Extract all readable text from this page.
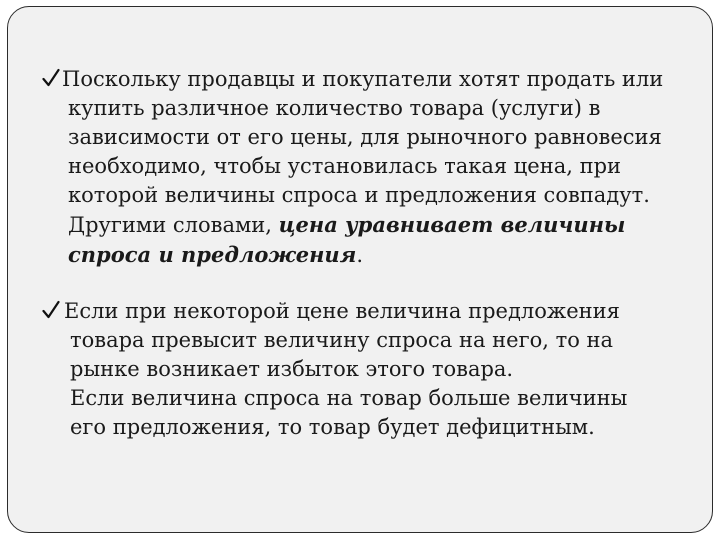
Поскольку продавцы и покупатели хотят продать или
купить различное количество товара (услуги) в
зависимости от его цены, для рыночного равновесия
необходимо, чтобы установилась такая цена, при
которой величины спроса и предложения совпадут.
Другими словами, цена уравнивает величины
спроса и предложения.
Если при некоторой цене величина предложения
товара превысит величину спроса на него, то на
рынке возникает избыток этого товара.
Если величина спроса на товар больше величины
его предложения, то товар будет дефицитным.
